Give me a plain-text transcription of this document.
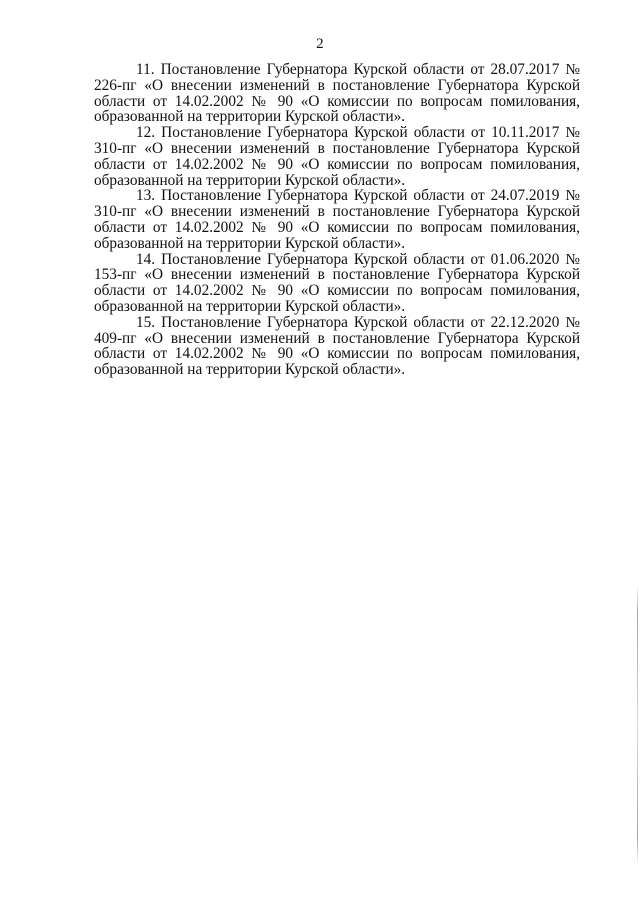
2
11. Постановление Губернатора Курской области от 28.07.2017 № 226-пг «О внесении изменений в постановление Губернатора Курской области от 14.02.2002 № 90 «О комиссии по вопросам помилования, образованной на территории Курской области».
12. Постановление Губернатора Курской области от 10.11.2017 № 310-пг «О внесении изменений в постановление Губернатора Курской области от 14.02.2002 № 90 «О комиссии по вопросам помилования, образованной на территории Курской области».
13. Постановление Губернатора Курской области от 24.07.2019 № 310-пг «О внесении изменений в постановление Губернатора Курской области от 14.02.2002 № 90 «О комиссии по вопросам помилования, образованной на территории Курской области».
14. Постановление Губернатора Курской области от 01.06.2020 № 153-пг «О внесении изменений в постановление Губернатора Курской области от 14.02.2002 № 90 «О комиссии по вопросам помилования, образованной на территории Курской области».
15. Постановление Губернатора Курской области от 22.12.2020 № 409-пг «О внесении изменений в постановление Губернатора Курской области от 14.02.2002 № 90 «О комиссии по вопросам помилования, образованной на территории Курской области».
